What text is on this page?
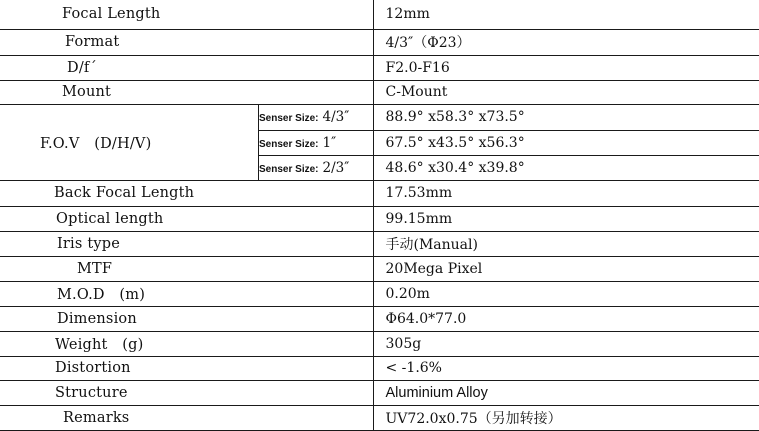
Focal Length		12mm
Format		4/3″（Φ23）
D/f´		F2.0-F16
Mount		C-Mount
F.O.V　(D/H/V)	Senser Size: 4/3″	88.9° x58.3° x73.5°
	Senser Size: 1″	67.5° x43.5° x56.3°
	Senser Size: 2/3″	48.6° x30.4° x39.8°
Back Focal Length		17.53mm
Optical length		99.15mm
Iris type		手动(Manual)
MTF		20Mega Pixel
M.O.D　(m)		0.20m
Dimension		Φ64.0*77.0
Weight　(g)		305g
Distortion		< -1.6%
Structure		Aluminium Alloy
Remarks		UV72.0x0.75（另加转接）
